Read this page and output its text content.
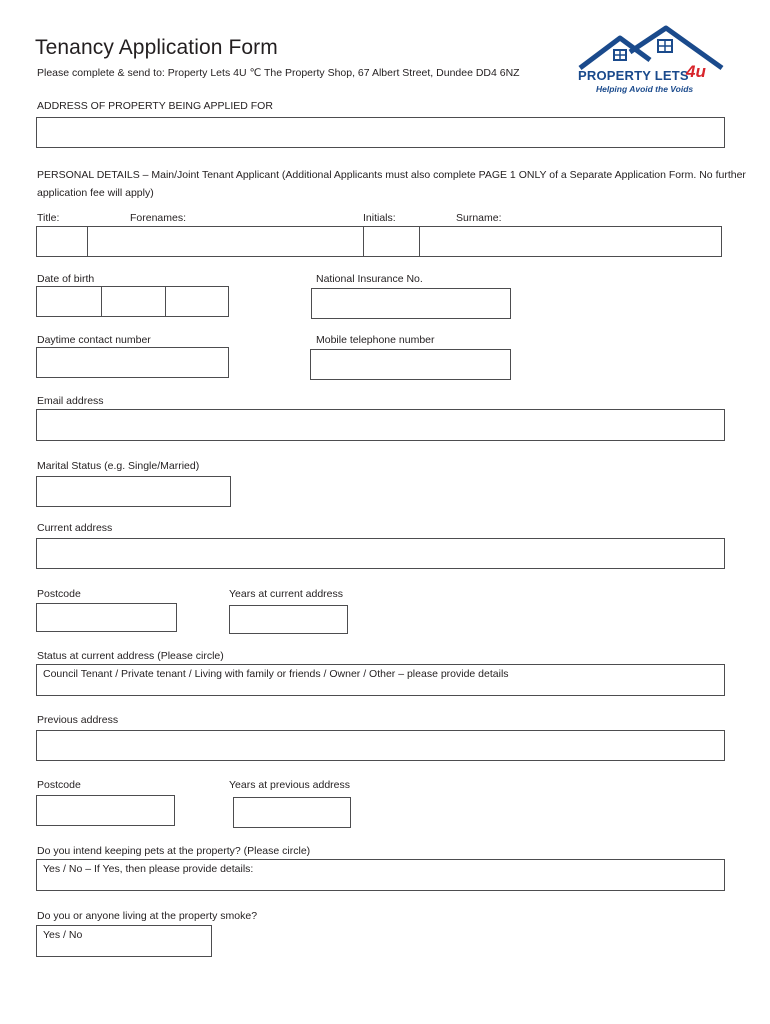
Tenancy Application Form
Please complete & send to: Property Lets 4U ℃ The Property Shop, 67 Albert Street, Dundee DD4 6NZ	PROPERTY LETS
4u
Helping Avoid the Voids
ADDRESS OF PROPERTY BEING APPLIED FOR
PERSONAL DETAILS – Main/Joint Tenant Applicant (Additional Applicants must also complete PAGE 1 ONLY of a Separate Application Form. No further application fee will apply)
Title:	Forenames:	Initials:	Surname:
Date of birth	National Insurance No.
Daytime contact number	Mobile telephone number
Email address
Marital Status (e.g. Single/Married)
Current address
Postcode	Years at current address
Status at current address (Please circle)
Council Tenant / Private tenant / Living with family or friends / Owner / Other – please provide details
Previous address
Postcode	Years at previous address
Do you intend keeping pets at the property? (Please circle)
Yes / No – If Yes, then please provide details:
Do you or anyone living at the property smoke?
Yes / No
